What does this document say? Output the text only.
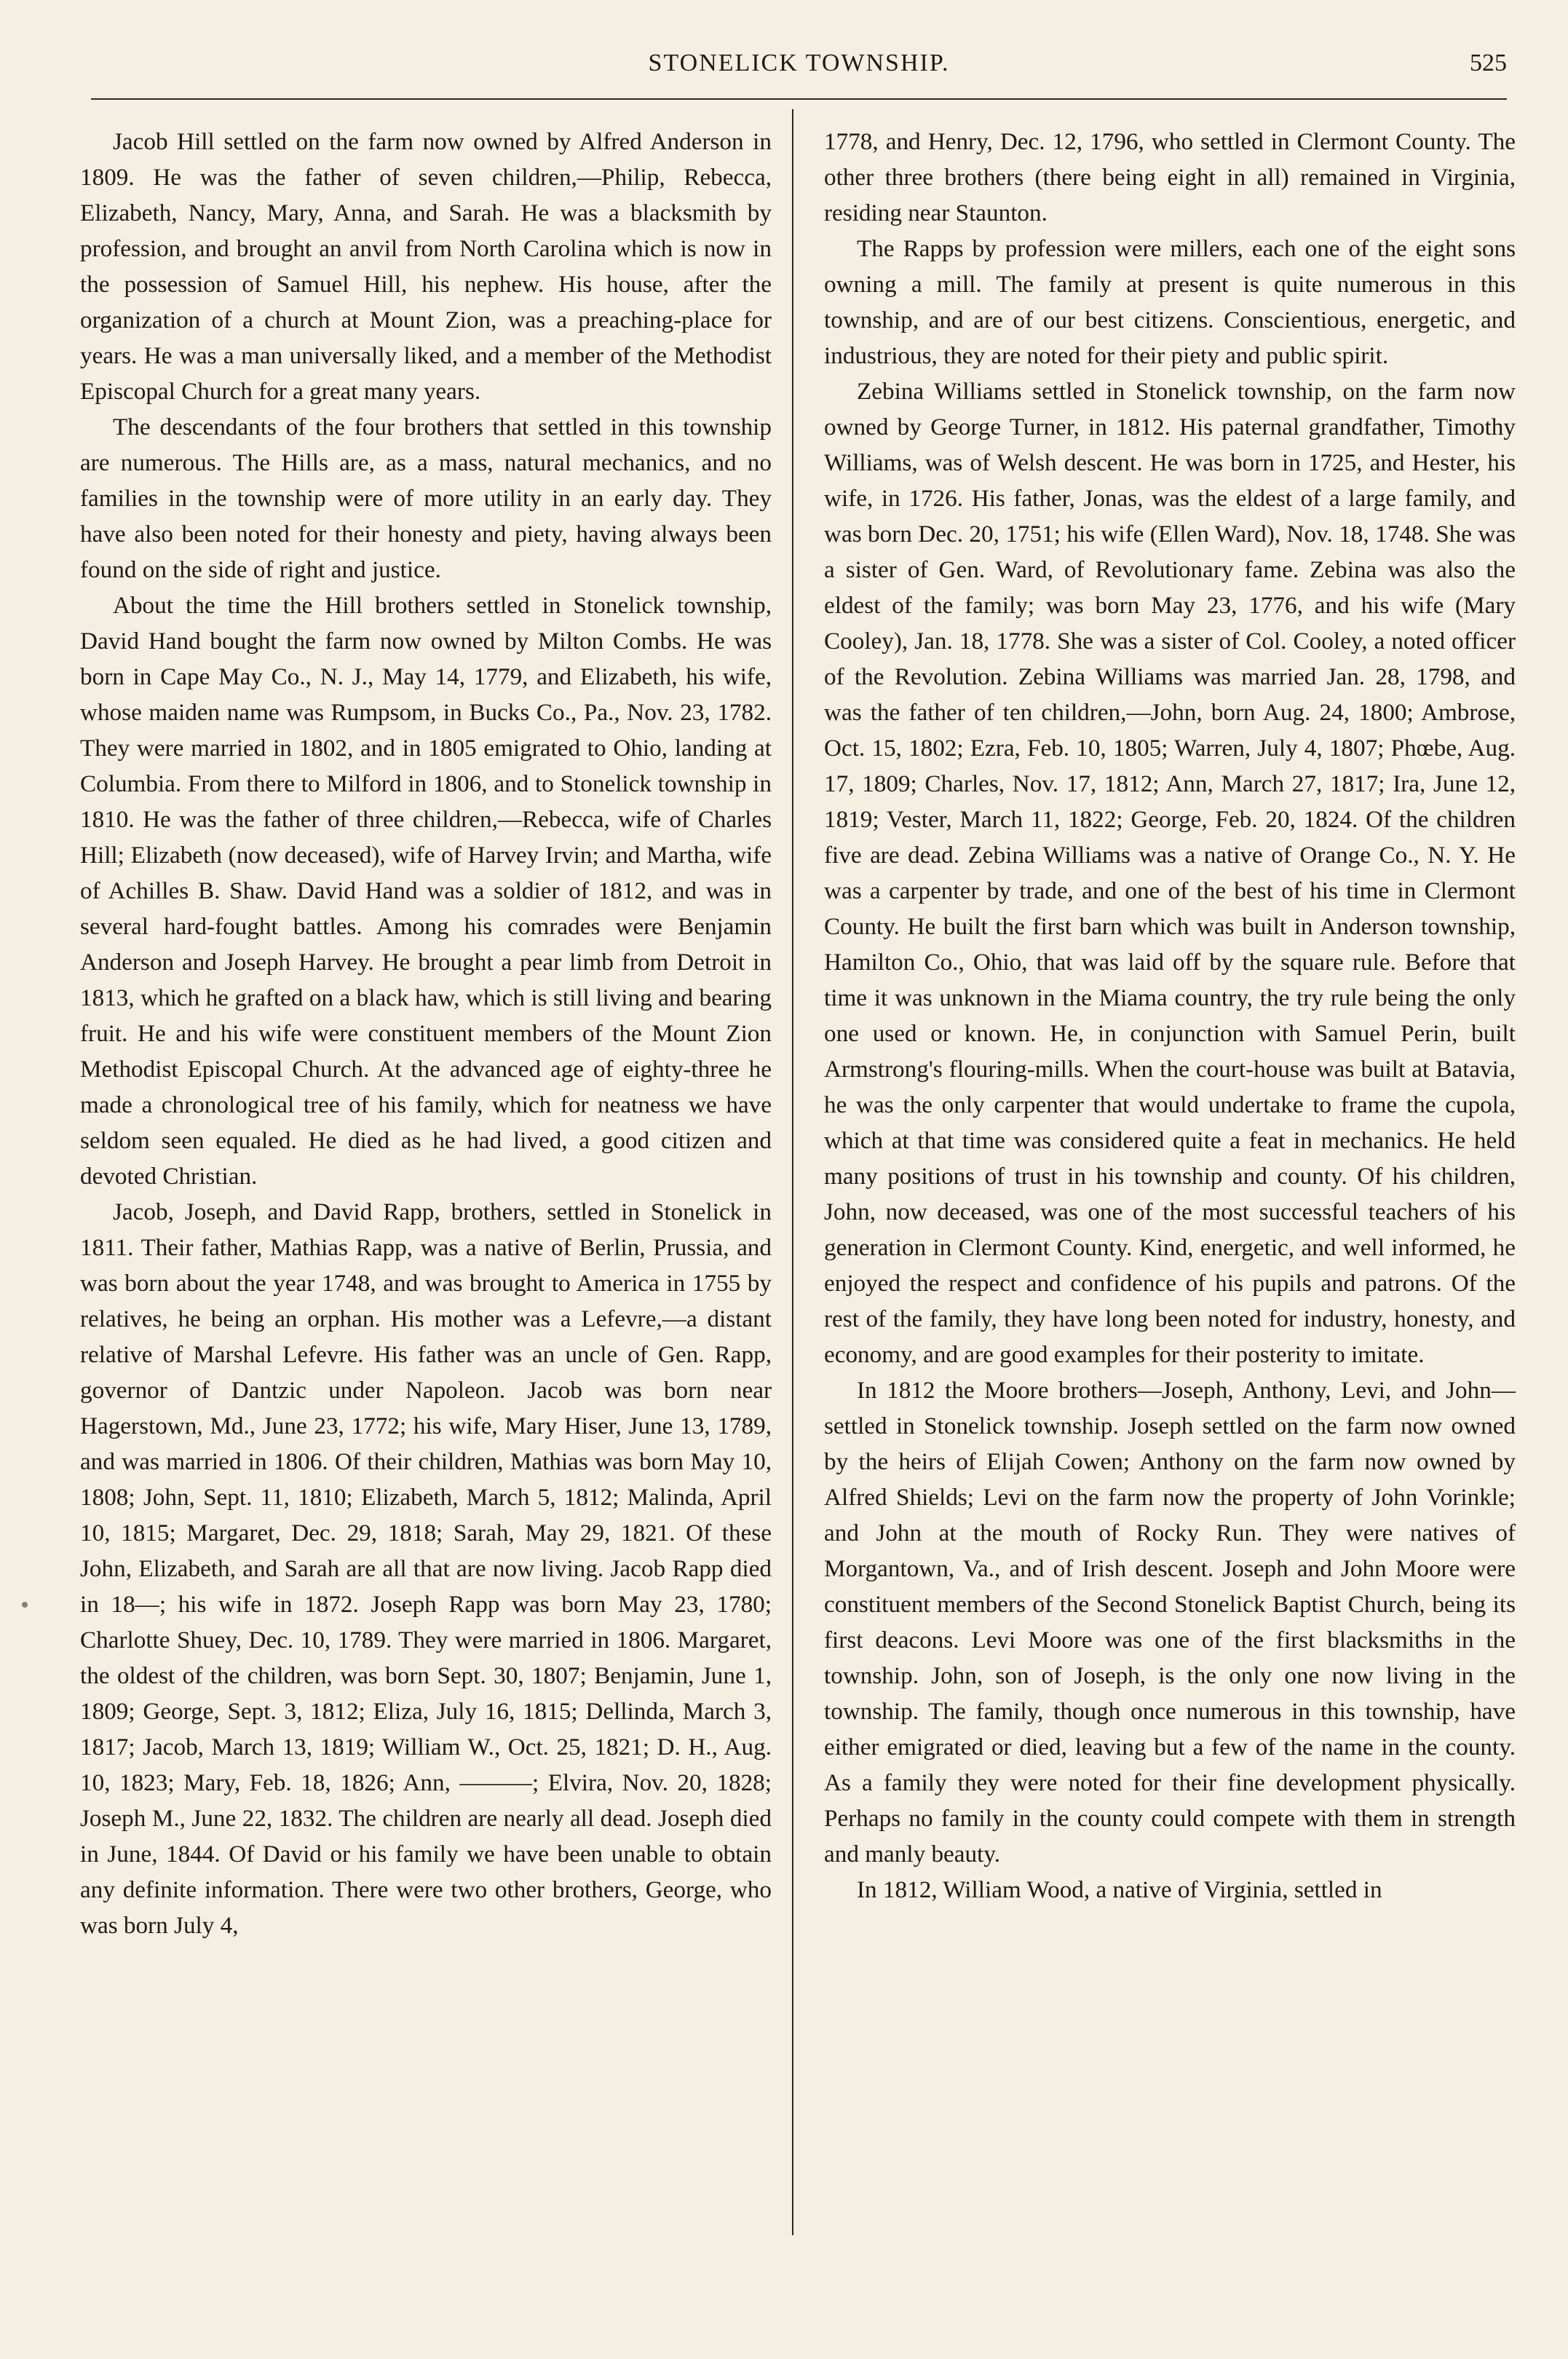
STONELICK TOWNSHIP.	525

Jacob Hill settled on the farm now owned by Alfred Anderson in 1809. He was the father of seven children,—Philip, Rebecca, Elizabeth, Nancy, Mary, Anna, and Sarah. He was a blacksmith by profession, and brought an anvil from North Carolina which is now in the possession of Samuel Hill, his nephew. His house, after the organization of a church at Mount Zion, was a preaching-place for years. He was a man universally liked, and a member of the Methodist Episcopal Church for a great many years.

The descendants of the four brothers that settled in this township are numerous. The Hills are, as a mass, natural mechanics, and no families in the township were of more utility in an early day. They have also been noted for their honesty and piety, having always been found on the side of right and justice.

About the time the Hill brothers settled in Stonelick township, David Hand bought the farm now owned by Milton Combs. He was born in Cape May Co., N. J., May 14, 1779, and Elizabeth, his wife, whose maiden name was Rumpsom, in Bucks Co., Pa., Nov. 23, 1782. They were married in 1802, and in 1805 emigrated to Ohio, landing at Columbia. From there to Milford in 1806, and to Stonelick township in 1810. He was the father of three children,—Rebecca, wife of Charles Hill; Elizabeth (now deceased), wife of Harvey Irvin; and Martha, wife of Achilles B. Shaw. David Hand was a soldier of 1812, and was in several hard-fought battles. Among his comrades were Benjamin Anderson and Joseph Harvey. He brought a pear limb from Detroit in 1813, which he grafted on a black haw, which is still living and bearing fruit. He and his wife were constituent members of the Mount Zion Methodist Episcopal Church. At the advanced age of eighty-three he made a chronological tree of his family, which for neatness we have seldom seen equaled. He died as he had lived, a good citizen and devoted Christian.

Jacob, Joseph, and David Rapp, brothers, settled in Stonelick in 1811. Their father, Mathias Rapp, was a native of Berlin, Prussia, and was born about the year 1748, and was brought to America in 1755 by relatives, he being an orphan. His mother was a Lefevre,—a distant relative of Marshal Lefevre. His father was an uncle of Gen. Rapp, governor of Dantzic under Napoleon. Jacob was born near Hagerstown, Md., June 23, 1772; his wife, Mary Hiser, June 13, 1789, and was married in 1806. Of their children, Mathias was born May 10, 1808; John, Sept. 11, 1810; Elizabeth, March 5, 1812; Malinda, April 10, 1815; Margaret, Dec. 29, 1818; Sarah, May 29, 1821. Of these John, Elizabeth, and Sarah are all that are now living. Jacob Rapp died in 18—; his wife in 1872. Joseph Rapp was born May 23, 1780; Charlotte Shuey, Dec. 10, 1789. They were married in 1806. Margaret, the oldest of the children, was born Sept. 30, 1807; Benjamin, June 1, 1809; George, Sept. 3, 1812; Eliza, July 16, 1815; Dellinda, March 3, 1817; Jacob, March 13, 1819; William W., Oct. 25, 1821; D. H., Aug. 10, 1823; Mary, Feb. 18, 1826; Ann, ———; Elvira, Nov. 20, 1828; Joseph M., June 22, 1832. The children are nearly all dead. Joseph died in June, 1844. Of David or his family we have been unable to obtain any definite information. There were two other brothers, George, who was born July 4,

1778, and Henry, Dec. 12, 1796, who settled in Clermont County. The other three brothers (there being eight in all) remained in Virginia, residing near Staunton.

The Rapps by profession were millers, each one of the eight sons owning a mill. The family at present is quite numerous in this township, and are of our best citizens. Conscientious, energetic, and industrious, they are noted for their piety and public spirit.

Zebina Williams settled in Stonelick township, on the farm now owned by George Turner, in 1812. His paternal grandfather, Timothy Williams, was of Welsh descent. He was born in 1725, and Hester, his wife, in 1726. His father, Jonas, was the eldest of a large family, and was born Dec. 20, 1751; his wife (Ellen Ward), Nov. 18, 1748. She was a sister of Gen. Ward, of Revolutionary fame. Zebina was also the eldest of the family; was born May 23, 1776, and his wife (Mary Cooley), Jan. 18, 1778. She was a sister of Col. Cooley, a noted officer of the Revolution. Zebina Williams was married Jan. 28, 1798, and was the father of ten children,—John, born Aug. 24, 1800; Ambrose, Oct. 15, 1802; Ezra, Feb. 10, 1805; Warren, July 4, 1807; Phœbe, Aug. 17, 1809; Charles, Nov. 17, 1812; Ann, March 27, 1817; Ira, June 12, 1819; Vester, March 11, 1822; George, Feb. 20, 1824. Of the children five are dead. Zebina Williams was a native of Orange Co., N. Y. He was a carpenter by trade, and one of the best of his time in Clermont County. He built the first barn which was built in Anderson township, Hamilton Co., Ohio, that was laid off by the square rule. Before that time it was unknown in the Miama country, the try rule being the only one used or known. He, in conjunction with Samuel Perin, built Armstrong's flouring-mills. When the court-house was built at Batavia, he was the only carpenter that would undertake to frame the cupola, which at that time was considered quite a feat in mechanics. He held many positions of trust in his township and county. Of his children, John, now deceased, was one of the most successful teachers of his generation in Clermont County. Kind, energetic, and well informed, he enjoyed the respect and confidence of his pupils and patrons. Of the rest of the family, they have long been noted for industry, honesty, and economy, and are good examples for their posterity to imitate.

In 1812 the Moore brothers—Joseph, Anthony, Levi, and John—settled in Stonelick township. Joseph settled on the farm now owned by the heirs of Elijah Cowen; Anthony on the farm now owned by Alfred Shields; Levi on the farm now the property of John Vorinkle; and John at the mouth of Rocky Run. They were natives of Morgantown, Va., and of Irish descent. Joseph and John Moore were constituent members of the Second Stonelick Baptist Church, being its first deacons. Levi Moore was one of the first blacksmiths in the township. John, son of Joseph, is the only one now living in the township. The family, though once numerous in this township, have either emigrated or died, leaving but a few of the name in the county. As a family they were noted for their fine development physically. Perhaps no family in the county could compete with them in strength and manly beauty.

In 1812, William Wood, a native of Virginia, settled in
